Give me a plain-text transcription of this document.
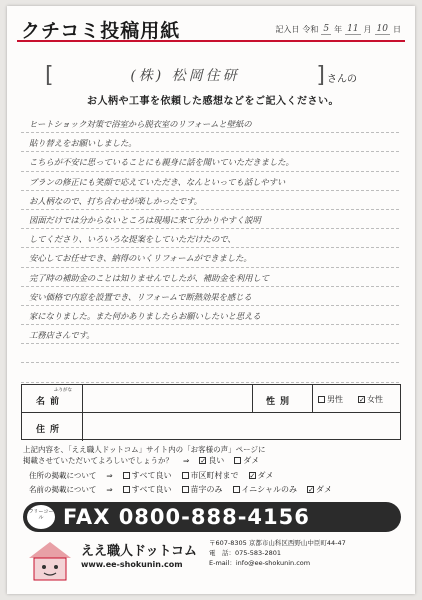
クチコミ投稿用紙	記入日 令和 5 年 11 月 10 日
[	(株) 松岡住研	] さんの
お人柄や工事を依頼した感想などをご記入ください。
ヒートショック対策で浴室から脱衣室のリフォームと壁紙の
貼り替えをお願いしました。
こちらが不安に思っていることにも親身に話を聞いていただきました。
プランの修正にも笑顔で応えていただき、なんといっても話しやすい
お人柄なので、打ち合わせが楽しかったです。
図面だけでは分からないところは現場に来て分かりやすく説明
してくださり、いろいろな提案をしていただけたので、
安心してお任せでき、納得のいくリフォームができました。
完了時の補助金のことは知りませんでしたが、補助金を利用して
安い価格で内窓を設置でき、リフォームで断熱効果を感じる
家になりました。また何かありましたらお願いしたいと思える
工務店さんです。
ふりがな
名前	性別	男性 ✓ 女性
住所
上記内容を、「ええ職人ドットコム」サイト内の「お客様の声」ページに
掲載させていただいてよろしいでしょうか？ ⇒ ✓ 良い ダメ
住所の掲載について ⇒ すべて良い 市区町村まで ✓ ダメ
名前の掲載について ⇒ すべて良い 苗字のみ イニシャルのみ ✓ ダメ
フリーコール FAX 0800-888-4156
ええ職人ドットコム
www.ee-shokunin.com
〒607-8305 京都市山科区西野山中臣町44-47
電　話：075-583-2801
E-mail：info@ee-shokunin.com
